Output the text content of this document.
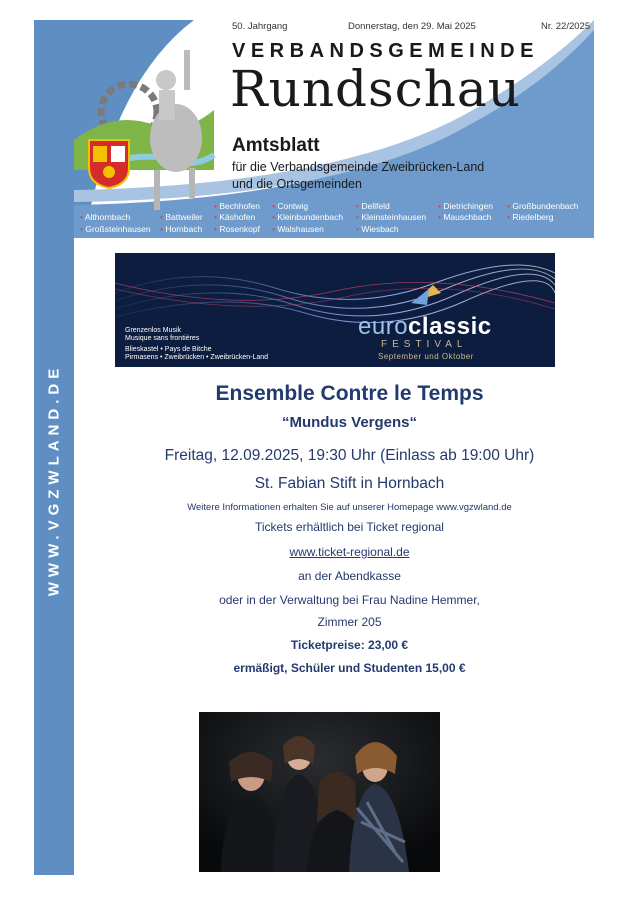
WWW.VGZWLAND.DE
50. Jahrgang	Donnerstag, den 29. Mai 2025	Nr. 22/2025
VERBANDSGEMEINDE
Rundschau
Amtsblatt
für die Verbandsgemeinde Zweibrücken-Land
und die Ortsgemeinden
• Althornbach
• Großsteinhausen
• Battweiler
• Hornbach
• Bechhofen
• Käshofen
• Rosenkopf
• Contwig
• Kleinbundenbach
• Walshausen
• Dellfeld
• Kleinsteinhausen
• Wiesbach
• Dietrichingen
• Mauschbach
• Großbundenbach
• Riedelberg
Grenzenlos Musik
Musique sans frontières
Blieskastel • Pays de Bitche
Pirmasens • Zweibrücken • Zweibrücken-Land
euroclassic
FESTIVAL
September und Oktober
Ensemble Contre le Temps
“Mundus Vergens“
Freitag, 12.09.2025, 19:30 Uhr (Einlass ab 19:00 Uhr)
St. Fabian Stift in Hornbach
Weitere Informationen erhalten Sie auf unserer Homepage www.vgzwland.de
Tickets erhältlich bei Ticket regional
www.ticket-regional.de
an der Abendkasse
oder in der Verwaltung bei Frau Nadine Hemmer,
Zimmer 205
Ticketpreise: 23,00 €
ermäßigt, Schüler und Studenten 15,00 €
